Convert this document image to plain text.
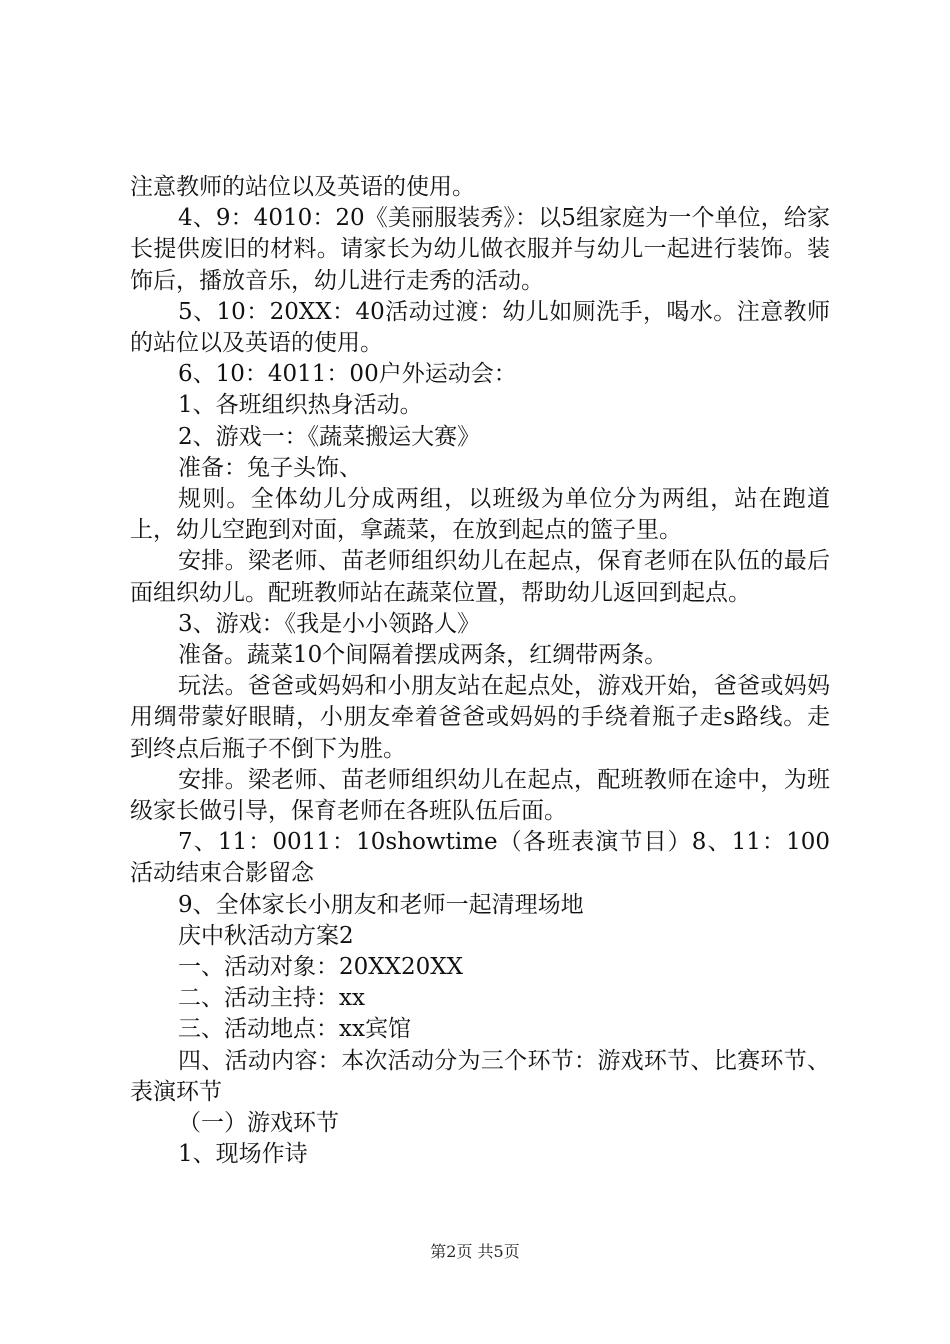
注意教师的站位以及英语的使用。

4、9：4010：20《美丽服装秀》：以5组家庭为一个单位，给家长提供废旧的材料。请家长为幼儿做衣服并与幼儿一起进行装饰。装饰后，播放音乐，幼儿进行走秀的活动。

5、10：20XX：40活动过渡：幼儿如厕洗手，喝水。注意教师的站位以及英语的使用。

6、10：4011：00户外运动会：

1、各班组织热身活动。

2、游戏一：《蔬菜搬运大赛》

准备：兔子头饰、

规则。全体幼儿分成两组，以班级为单位分为两组，站在跑道上，幼儿空跑到对面，拿蔬菜，在放到起点的篮子里。

安排。梁老师、苗老师组织幼儿在起点，保育老师在队伍的最后面组织幼儿。配班教师站在蔬菜位置，帮助幼儿返回到起点。

3、游戏：《我是小小领路人》

准备。蔬菜10个间隔着摆成两条，红绸带两条。

玩法。爸爸或妈妈和小朋友站在起点处，游戏开始，爸爸或妈妈用绸带蒙好眼睛，小朋友牵着爸爸或妈妈的手绕着瓶子走s路线。走到终点后瓶子不倒下为胜。

安排。梁老师、苗老师组织幼儿在起点，配班教师在途中，为班级家长做引导，保育老师在各班队伍后面。

7、11：0011：10showtime（各班表演节目）8、11：100活动结束合影留念

9、全体家长小朋友和老师一起清理场地

庆中秋活动方案2

一、活动对象：20XX20XX

二、活动主持：xx

三、活动地点：xx宾馆

四、活动内容：本次活动分为三个环节：游戏环节、比赛环节、表演环节

（一）游戏环节

1、现场作诗

第2页 共5页
